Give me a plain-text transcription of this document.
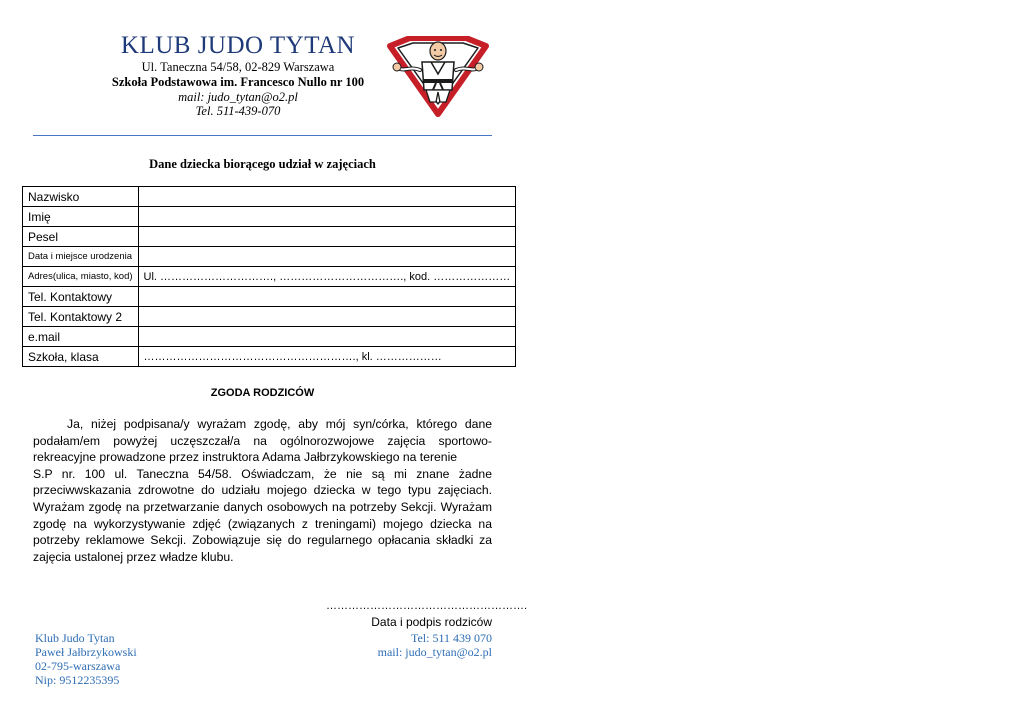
KLUB JUDO TYTAN
Ul. Taneczna 54/58, 02-829 Warszawa
Szkoła Podstawowa im. Francesco Nullo nr 100
mail: judo_tytan@o2.pl
Tel. 511-439-070
Dane dziecka biorącego udział w zajęciach
Nazwisko	
Imię	
Pesel	
Data i miejsce urodzenia	
Adres(ulica, miasto, kod)	Ul. …………………………., ……………………………., kod. …………………
Tel. Kontaktowy	
Tel. Kontaktowy 2	
e.mail	
Szkoła, klasa	…………………………………………………., kl. ………………
ZGODA RODZICÓW
Ja, niżej podpisana/y wyrażam zgodę, aby mój syn/córka, którego dane
podałam/em powyżej uczęszczał/a na ogólnorozwojowe zajęcia sportowo-
rekreacyjne prowadzone przez instruktora Adama Jałbrzykowskiego na terenie
S.P nr. 100 ul. Taneczna 54/58. Oświadczam, że nie są mi znane żadne
przeciwwskazania zdrowotne do udziału mojego dziecka w tego typu zajęciach.
Wyrażam zgodę na przetwarzanie danych osobowych na potrzeby Sekcji. Wyrażam
zgodę na wykorzystywanie zdjęć (związanych z treningami) mojego dziecka na
potrzeby reklamowe Sekcji. Zobowiązuje się do regularnego opłacania składki za
zajęcia ustalonej przez władze klubu.
……………………………………………….
Data i podpis rodziców
Klub Judo Tytan
Paweł Jałbrzykowski
02-795-warszawa
Nip: 9512235395
Tel: 511 439 070
mail: judo_tytan@o2.pl
